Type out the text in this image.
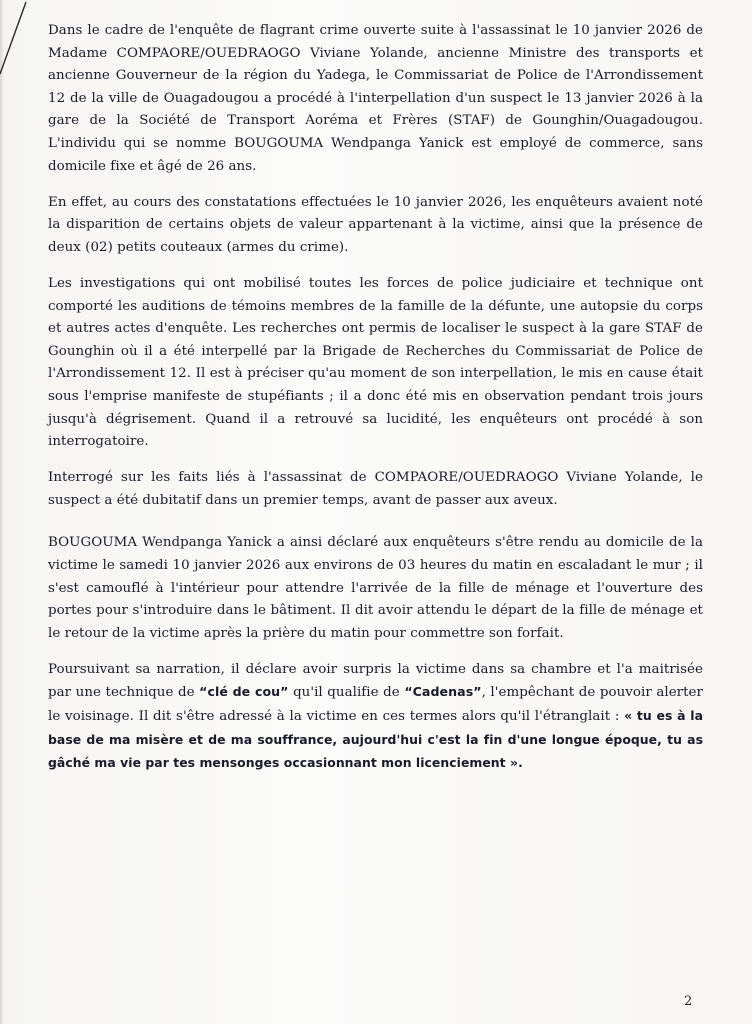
Dans le cadre de l'enquête de flagrant crime ouverte suite à l'assassinat le 10 janvier 2026 de Madame COMPAORE/OUEDRAOGO Viviane Yolande, ancienne Ministre des transports et ancienne Gouverneur de la région du Yadega, le Commissariat de Police de l'Arrondissement 12 de la ville de Ouagadougou a procédé à l'interpellation d'un suspect le 13 janvier 2026 à la gare de la Société de Transport Aoréma et Frères (STAF) de Gounghin/Ouagadougou. L'individu qui se nomme BOUGOUMA Wendpanga Yanick est employé de commerce, sans domicile fixe et âgé de 26 ans.

En effet, au cours des constatations effectuées le 10 janvier 2026, les enquêteurs avaient noté la disparition de certains objets de valeur appartenant à la victime, ainsi que la présence de deux (02) petits couteaux (armes du crime).

Les investigations qui ont mobilisé toutes les forces de police judiciaire et technique ont comporté les auditions de témoins membres de la famille de la défunte, une autopsie du corps et autres actes d'enquête. Les recherches ont permis de localiser le suspect à la gare STAF de Gounghin où il a été interpellé par la Brigade de Recherches du Commissariat de Police de l'Arrondissement 12. Il est à préciser qu'au moment de son interpellation, le mis en cause était sous l'emprise manifeste de stupéfiants ; il a donc été mis en observation pendant trois jours jusqu'à dégrisement. Quand il a retrouvé sa lucidité, les enquêteurs ont procédé à son interrogatoire.

Interrogé sur les faits liés à l'assassinat de COMPAORE/OUEDRAOGO Viviane Yolande, le suspect a été dubitatif dans un premier temps, avant de passer aux aveux.

BOUGOUMA Wendpanga Yanick a ainsi déclaré aux enquêteurs s'être rendu au domicile de la victime le samedi 10 janvier 2026 aux environs de 03 heures du matin en escaladant le mur ; il s'est camouflé à l'intérieur pour attendre l'arrivée de la fille de ménage et l'ouverture des portes pour s'introduire dans le bâtiment. Il dit avoir attendu le départ de la fille de ménage et le retour de la victime après la prière du matin pour commettre son forfait.

Poursuivant sa narration, il déclare avoir surpris la victime dans sa chambre et l'a maitrisée par une technique de “clé de cou” qu'il qualifie de “Cadenas”, l'empêchant de pouvoir alerter le voisinage. Il dit s'être adressé à la victime en ces termes alors qu'il l'étranglait : « tu es à la base de ma misère et de ma souffrance, aujourd'hui c'est la fin d'une longue époque, tu as gâché ma vie par tes mensonges occasionnant mon licenciement ».

2
